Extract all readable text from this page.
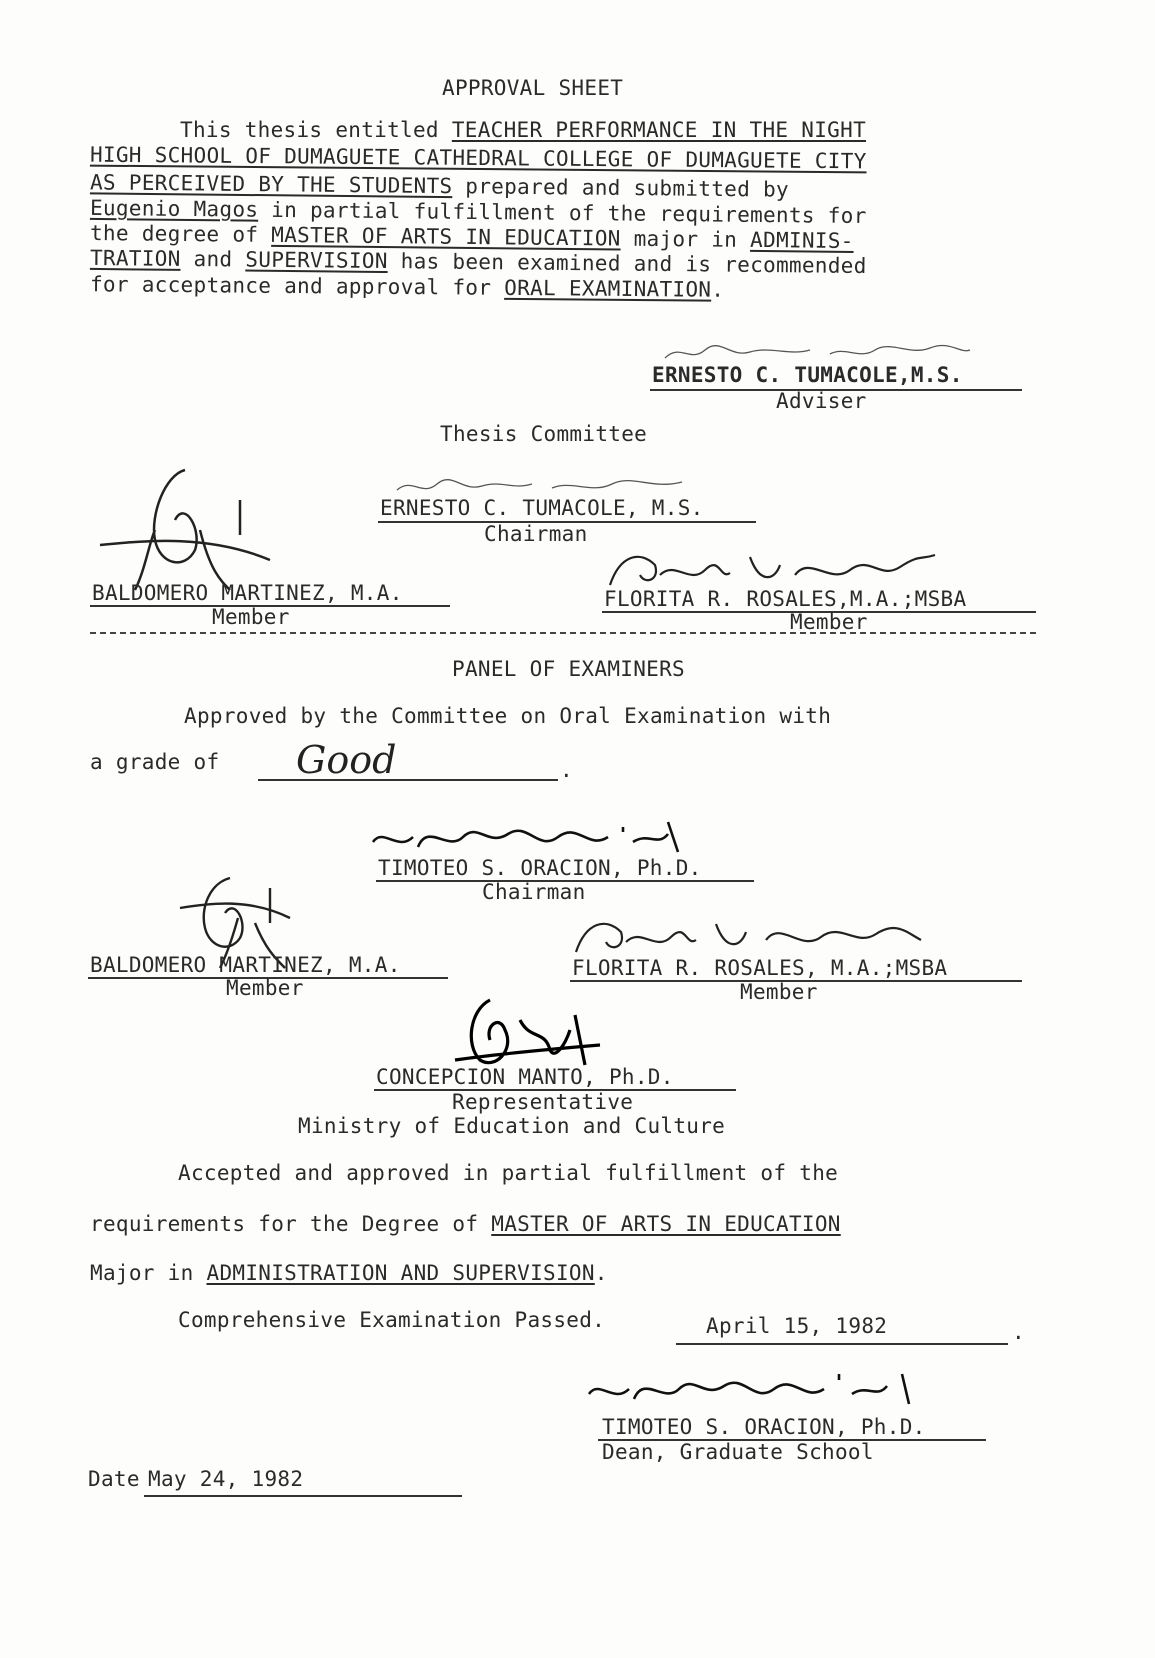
APPROVAL SHEET
This thesis entitled TEACHER PERFORMANCE IN THE NIGHT
HIGH SCHOOL OF DUMAGUETE CATHEDRAL COLLEGE OF DUMAGUETE CITY
AS PERCEIVED BY THE STUDENTS prepared and submitted by
Eugenio Magos in partial fulfillment of the requirements for
the degree of MASTER OF ARTS IN EDUCATION major in ADMINIS-
TRATION and SUPERVISION has been examined and is recommended
for acceptance and approval for ORAL EXAMINATION.
ERNESTO C. TUMACOLE,M.S.
Adviser
Thesis Committee
ERNESTO C. TUMACOLE, M.S.
Chairman
BALDOMERO MARTINEZ, M.A.
Member
FLORITA R. ROSALES,M.A.;MSBA
Member
PANEL OF EXAMINERS
Approved by the Committee on Oral Examination with
a grade of Good	.
TIMOTEO S. ORACION, Ph.D.
Chairman
BALDOMERO MARTINEZ, M.A.
Member
FLORITA R. ROSALES, M.A.;MSBA
Member
CONCEPCION MANTO, Ph.D.
Representative
Ministry of Education and Culture
Accepted and approved in partial fulfillment of the
requirements for the Degree of MASTER OF ARTS IN EDUCATION
Major in ADMINISTRATION AND SUPERVISION.
Comprehensive Examination Passed.	April 15, 1982	.
TIMOTEO S. ORACION, Ph.D.
Dean, Graduate School
Date May 24, 1982
